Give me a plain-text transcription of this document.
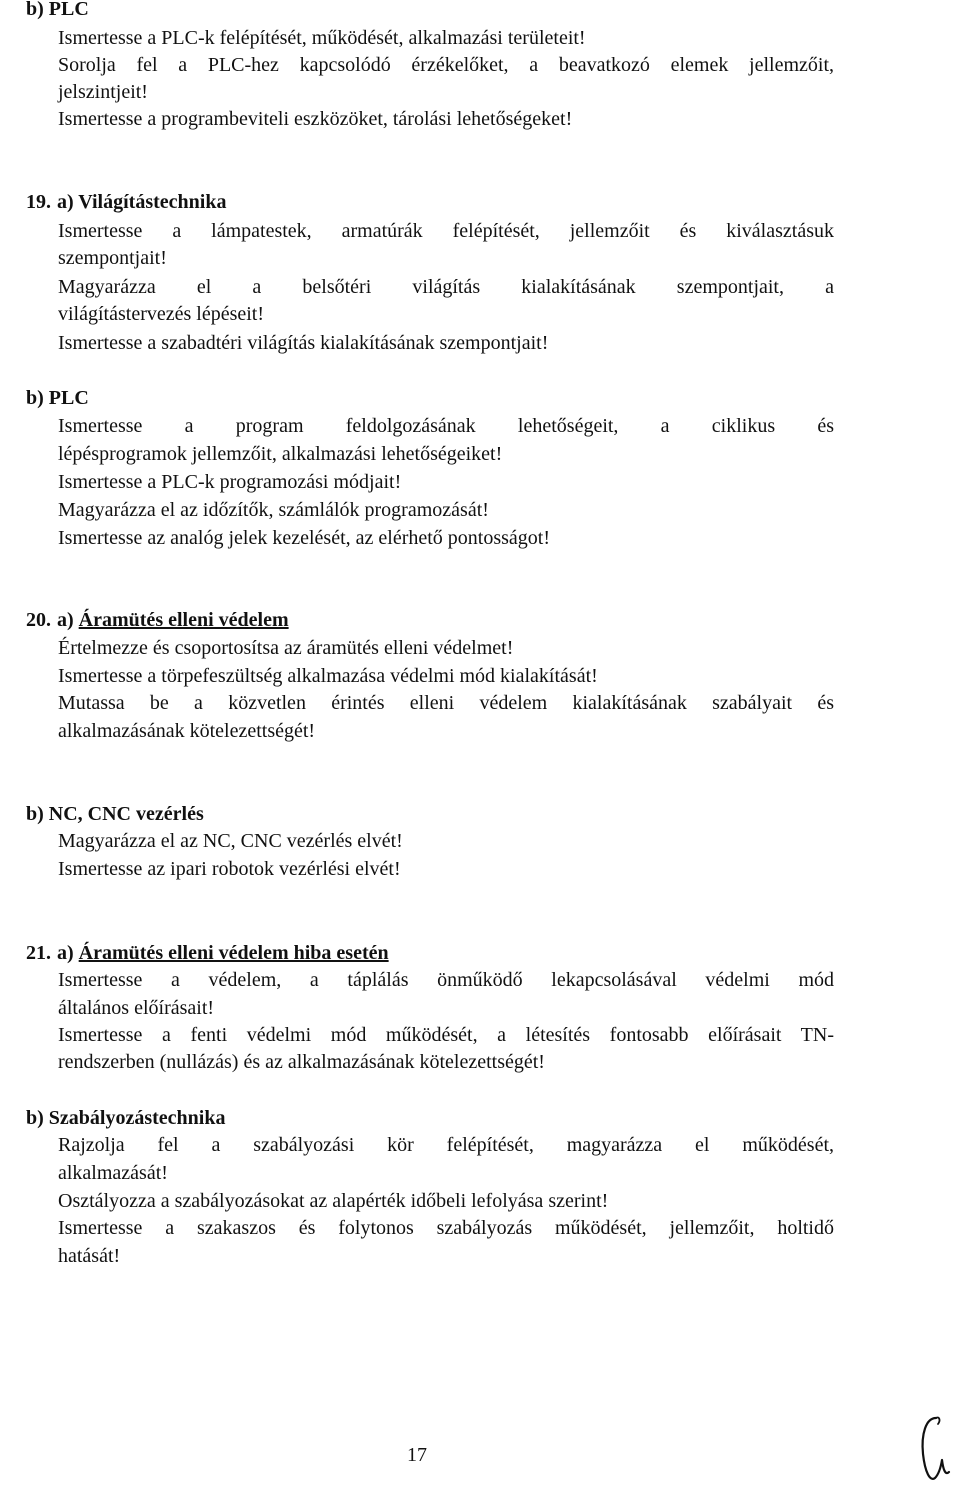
b) PLC
Ismertesse a PLC-k felépítését, működését, alkalmazási területeit!
Sorolja fel a PLC-hez kapcsolódó érzékelőket, a beavatkozó elemek jellemzőit,
jelszintjeit!
Ismertesse a programbeviteli eszközöket, tárolási lehetőségeket!
19. a) Világítástechnika
Ismertesse a lámpatestek, armatúrák felépítését, jellemzőit és kiválasztásuk
szempontjait!
Magyarázza el a belsőtéri világítás kialakításának szempontjait, a
világítástervezés lépéseit!
Ismertesse a szabadtéri világítás kialakításának szempontjait!
b) PLC
Ismertesse a program feldolgozásának lehetőségeit, a ciklikus és
lépésprogramok jellemzőit, alkalmazási lehetőségeiket!
Ismertesse a PLC-k programozási módjait!
Magyarázza el az időzítők, számlálók programozását!
Ismertesse az analóg jelek kezelését, az elérhető pontosságot!
20. a) Áramütés elleni védelem
Értelmezze és csoportosítsa az áramütés elleni védelmet!
Ismertesse a törpefeszültség alkalmazása védelmi mód kialakítását!
Mutassa be a közvetlen érintés elleni védelem kialakításának szabályait és
alkalmazásának kötelezettségét!
b) NC, CNC vezérlés
Magyarázza el az NC, CNC vezérlés elvét!
Ismertesse az ipari robotok vezérlési elvét!
21. a) Áramütés elleni védelem hiba esetén
Ismertesse a védelem, a táplálás önműködő lekapcsolásával védelmi mód
általános előírásait!
Ismertesse a fenti védelmi mód működését, a létesítés fontosabb előírásait TN-
rendszerben (nullázás) és az alkalmazásának kötelezettségét!
b) Szabályozástechnika
Rajzolja fel a szabályozási kör felépítését, magyarázza el működését,
alkalmazását!
Osztályozza a szabályozásokat az alapérték időbeli lefolyása szerint!
Ismertesse a szakaszos és folytonos szabályozás működését, jellemzőit, holtidő
hatását!
17
